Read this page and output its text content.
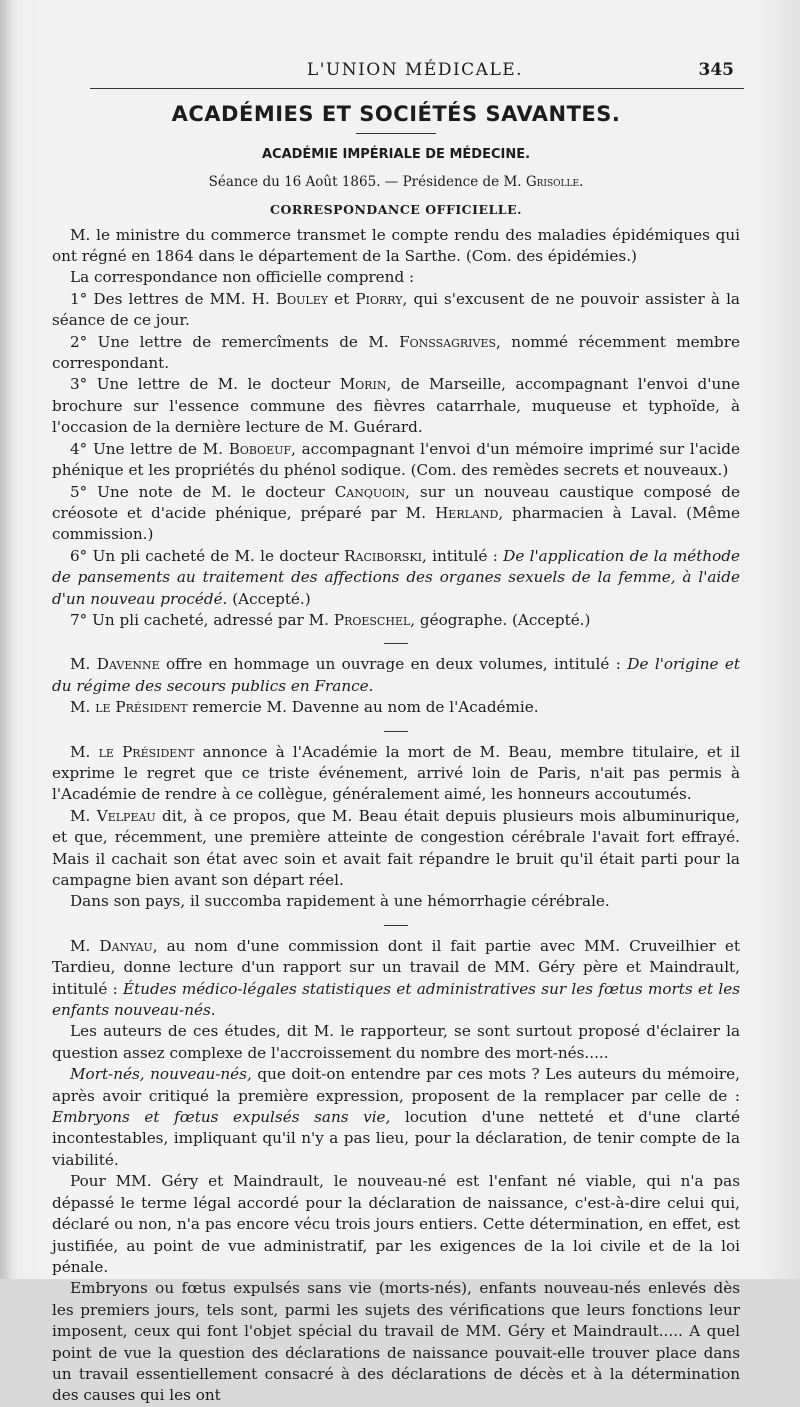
L'UNION MÉDICALE.	345
ACADÉMIES ET SOCIÉTÉS SAVANTES.
ACADÉMIE IMPÉRIALE DE MÉDECINE.
Séance du 16 Août 1865. — Présidence de M. Grisolle.
CORRESPONDANCE OFFICIELLE.

M. le ministre du commerce transmet le compte rendu des maladies épidémiques qui ont régné en 1864 dans le département de la Sarthe. (Com. des épidémies.)

La correspondance non officielle comprend :

1° Des lettres de MM. H. Bouley et Piorry, qui s'excusent de ne pouvoir assister à la séance de ce jour.

2° Une lettre de remercîments de M. Fonssagrives, nommé récemment membre correspondant.

3° Une lettre de M. le docteur Morin, de Marseille, accompagnant l'envoi d'une brochure sur l'essence commune des fièvres catarrhale, muqueuse et typhoïde, à l'occasion de la dernière lecture de M. Guérard.

4° Une lettre de M. Boboeuf, accompagnant l'envoi d'un mémoire imprimé sur l'acide phénique et les propriétés du phénol sodique. (Com. des remèdes secrets et nouveaux.)

5° Une note de M. le docteur Canquoin, sur un nouveau caustique composé de créosote et d'acide phénique, préparé par M. Herland, pharmacien à Laval. (Même commission.)

6° Un pli cacheté de M. le docteur Raciborski, intitulé : De l'application de la méthode de pansements au traitement des affections des organes sexuels de la femme, à l'aide d'un nouveau procédé. (Accepté.)

7° Un pli cacheté, adressé par M. Proeschel, géographe. (Accepté.)

M. Davenne offre en hommage un ouvrage en deux volumes, intitulé : De l'origine et du régime des secours publics en France.

M. le Président remercie M. Davenne au nom de l'Académie.

M. le Président annonce à l'Académie la mort de M. Beau, membre titulaire, et il exprime le regret que ce triste événement, arrivé loin de Paris, n'ait pas permis à l'Académie de rendre à ce collègue, généralement aimé, les honneurs accoutumés.

M. Velpeau dit, à ce propos, que M. Beau était depuis plusieurs mois albuminurique, et que, récemment, une première atteinte de congestion cérébrale l'avait fort effrayé. Mais il cachait son état avec soin et avait fait répandre le bruit qu'il était parti pour la campagne bien avant son départ réel.

Dans son pays, il succomba rapidement à une hémorrhagie cérébrale.

M. Danyau, au nom d'une commission dont il fait partie avec MM. Cruveilhier et Tardieu, donne lecture d'un rapport sur un travail de MM. Géry père et Maindrault, intitulé : Études médico-légales statistiques et administratives sur les fœtus morts et les enfants nouveau-nés.

Les auteurs de ces études, dit M. le rapporteur, se sont surtout proposé d'éclairer la question assez complexe de l'accroissement du nombre des mort-nés.....

Mort-nés, nouveau-nés, que doit-on entendre par ces mots ? Les auteurs du mémoire, après avoir critiqué la première expression, proposent de la remplacer par celle de : Embryons et fœtus expulsés sans vie, locution d'une netteté et d'une clarté incontestables, impliquant qu'il n'y a pas lieu, pour la déclaration, de tenir compte de la viabilité.

Pour MM. Géry et Maindrault, le nouveau-né est l'enfant né viable, qui n'a pas dépassé le terme légal accordé pour la déclaration de naissance, c'est-à-dire celui qui, déclaré ou non, n'a pas encore vécu trois jours entiers. Cette détermination, en effet, est justifiée, au point de vue administratif, par les exigences de la loi civile et de la loi pénale.

Embryons ou fœtus expulsés sans vie (morts-nés), enfants nouveau-nés enlevés dès les premiers jours, tels sont, parmi les sujets des vérifications que leurs fonctions leur imposent, ceux qui font l'objet spécial du travail de MM. Géry et Maindrault..... A quel point de vue la question des déclarations de naissance pouvait-elle trouver place dans un travail essentiellement consacré à des déclarations de décès et à la détermination des causes qui les ont
